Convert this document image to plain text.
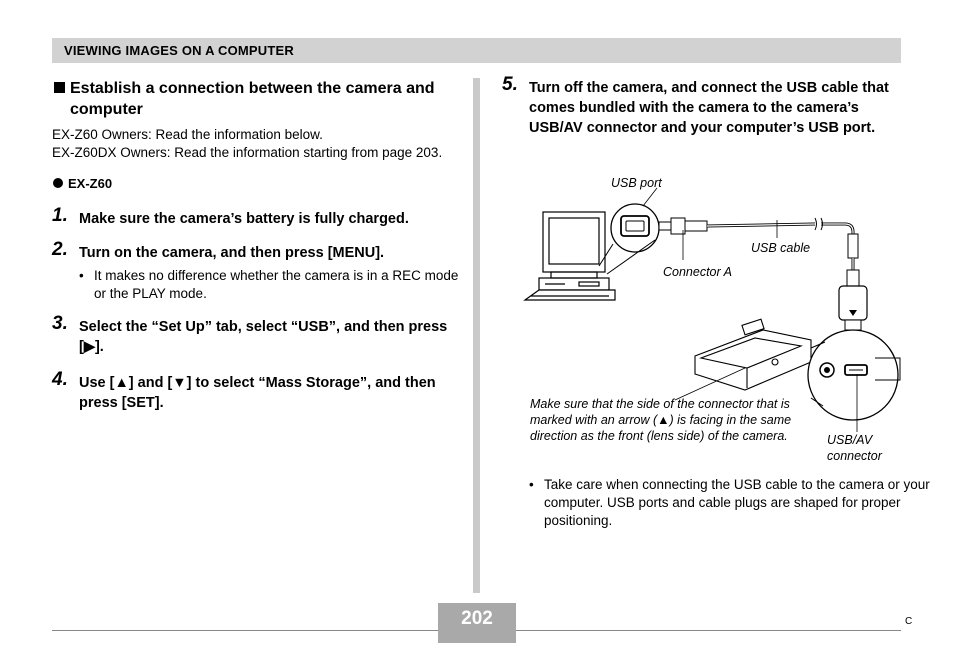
VIEWING IMAGES ON A COMPUTER
Establish a connection between the camera and computer
EX-Z60 Owners: Read the information below.
EX-Z60DX Owners: Read the information starting from page 203.
EX-Z60
1. Make sure the camera’s battery is fully charged.
2. Turn on the camera, and then press [MENU].
• It makes no difference whether the camera is in a REC mode or the PLAY mode.
3. Select the “Set Up” tab, select “USB”, and then press [▶].
4. Use [▲] and [▼] to select “Mass Storage”, and then press [SET].
5. Turn off the camera, and connect the USB cable that comes bundled with the camera to the camera’s USB/AV connector and your computer’s USB port.
USB port
USB cable
Connector A
Make sure that the side of the connector that is marked with an arrow (▲) is facing in the same direction as the front (lens side) of the camera.	USB/AV connector
• Take care when connecting the USB cable to the camera or your computer. USB ports and cable plugs are shaped for proper positioning.
202	C
